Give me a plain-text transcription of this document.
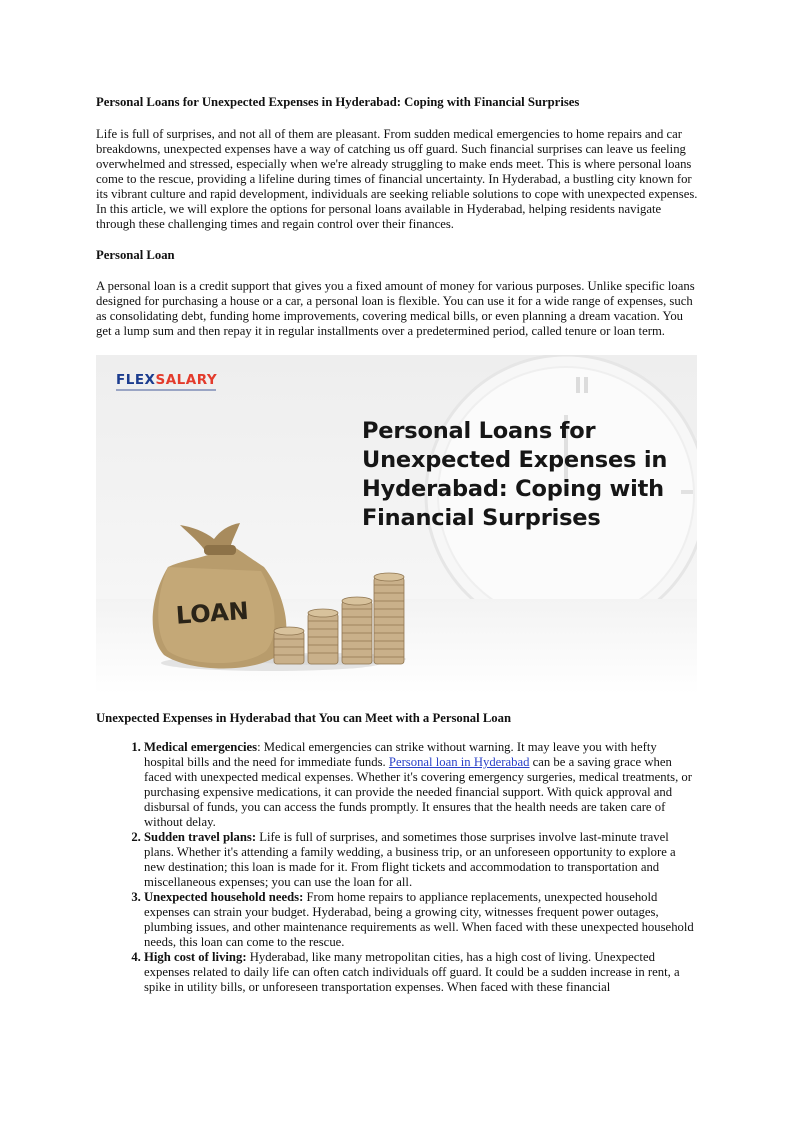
Personal Loans for Unexpected Expenses in Hyderabad: Coping with Financial Surprises

Life is full of surprises, and not all of them are pleasant. From sudden medical emergencies to home repairs and car breakdowns, unexpected expenses have a way of catching us off guard. Such financial surprises can leave us feeling overwhelmed and stressed, especially when we're already struggling to make ends meet. This is where personal loans come to the rescue, providing a lifeline during times of financial uncertainty. In Hyderabad, a bustling city known for its vibrant culture and rapid development, individuals are seeking reliable solutions to cope with unexpected expenses. In this article, we will explore the options for personal loans available in Hyderabad, helping residents navigate through these challenging times and regain control over their finances.

Personal Loan

A personal loan is a credit support that gives you a fixed amount of money for various purposes. Unlike specific loans designed for purchasing a house or a car, a personal loan is flexible. You can use it for a wide range of expenses, such as consolidating debt, funding home improvements, covering medical bills, or even planning a dream vacation. You get a lump sum and then repay it in regular installments over a predetermined period, called tenure or loan term.

FLEXSALARY
Personal Loans for Unexpected Expenses in Hyderabad: Coping with Financial Surprises
LOAN
Unexpected Expenses in Hyderabad that You can Meet with a Personal Loan
1. Medical emergencies: Medical emergencies can strike without warning. It may leave you with hefty hospital bills and the need for immediate funds. Personal loan in Hyderabad can be a saving grace when faced with unexpected medical expenses. Whether it's covering emergency surgeries, medical treatments, or purchasing expensive medications, it can provide the needed financial support. With quick approval and disbursal of funds, you can access the funds promptly. It ensures that the health needs are taken care of without delay.
2. Sudden travel plans: Life is full of surprises, and sometimes those surprises involve last-minute travel plans. Whether it's attending a family wedding, a business trip, or an unforeseen opportunity to explore a new destination; this loan is made for it. From flight tickets and accommodation to transportation and miscellaneous expenses; you can use the loan for all.
3. Unexpected household needs: From home repairs to appliance replacements, unexpected household expenses can strain your budget. Hyderabad, being a growing city, witnesses frequent power outages, plumbing issues, and other maintenance requirements as well. When faced with these unexpected household needs, this loan can come to the rescue.
4. High cost of living: Hyderabad, like many metropolitan cities, has a high cost of living. Unexpected expenses related to daily life can often catch individuals off guard. It could be a sudden increase in rent, a spike in utility bills, or unforeseen transportation expenses. When faced with these financial
